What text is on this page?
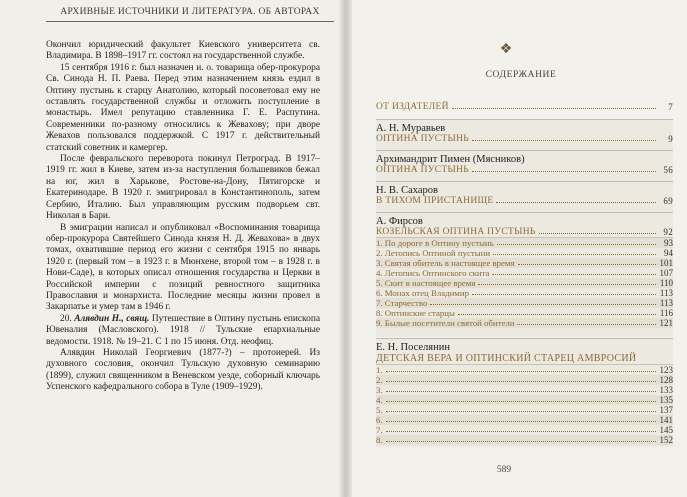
АРХИВНЫЕ ИСТОЧНИКИ И ЛИТЕРАТУРА. ОБ АВТОРАХ

Окончил юридический факультет Киевского университета св. Владимира. В 1898–1917 гг. состоял на государственной службе.

15 сентября 1916 г. был назначен и. о. товарища обер-прокурора Св. Синода Н. П. Раева. Перед этим назначением князь ездил в Оптину пустынь к старцу Анатолию, который посоветовал ему не оставлять государственной службы и отложить поступление в монастырь. Имел репутацию ставленника Г. Е. Распутина. Современники по-разному относились к Жевахову; при дворе Жевахов пользовался поддержкой. С 1917 г. действительный статский советник и камергер.

После февральского переворота покинул Петроград. В 1917–1919 гг. жил в Киеве, затем из-за наступления большевиков бежал на юг, жил в Харькове, Ростове-на-Дону, Пятигорске и Екатеринодаре. В 1920 г. эмигрировал в Константинополь, затем Сербию, Италию. Был управляющим русским подворьем свт. Николая в Бари.

В эмиграции написал и опубликовал «Воспоминания товарища обер-прокурора Святейшего Синода князя Н. Д. Жевахова» в двух томах, охватившие период его жизни с сентября 1915 по январь 1920 г. (первый том – в 1923 г. в Мюнхене, второй том – в 1928 г. в Нови-Саде), в которых описал отношения государства и Церкви в Российской империи с позиций ревностного защитника Православия и монархиста. Последние месяцы жизни провел в Закарпатье и умер там в 1946 г.

20. Алявдин Н., свящ. Путешествие в Оптину пустынь епископа Ювеналия (Масловского). 1918 // Тульские епархиальные ведомости. 1918. № 19–21. С 1 по 15 июня. Отд. неофиц.

Алявдин Николай Георгиевич (1877-?) – протоиерей. Из духовного сословия, окончил Тульскую духовную семинарию (1899), служил священником в Веневском уезде, соборный ключарь Успенского кафедрального собора в Туле (1909–1929).

❖
СОДЕРЖАНИЕ
ОТ ИЗДАТЕЛЕЙ	7
А. Н. Муравьев
ОПТИНА ПУСТЫНЬ	9
Архимандрит Пимен (Мясников)
ОПТИНА ПУСТЫНЬ	56
Н. В. Сахаров
В ТИХОМ ПРИСТАНИЩЕ	69
А. Фирсов
КОЗЕЛЬСКАЯ ОПТИНА ПУСТЫНЬ	92
1. По дороге в Оптину пустынь	93
2. Летопись Оптиной пустыни	94
3. Святая обитель в настоящее время	101
4. Летопись Оптинского скита	107
5. Скит в настоящее время	110
6. Монах отец Владимир	113
7. Старчество	113
8. Оптинские старцы	116
9. Былые посетители святой обители	121
Е. Н. Поселянин
ДЕТСКАЯ ВЕРА И ОПТИНСКИЙ СТАРЕЦ АМВРОСИЙ
1.	123
2.	128
3.	133
4.	135
5.	137
6.	141
7.	145
8.	152
589
